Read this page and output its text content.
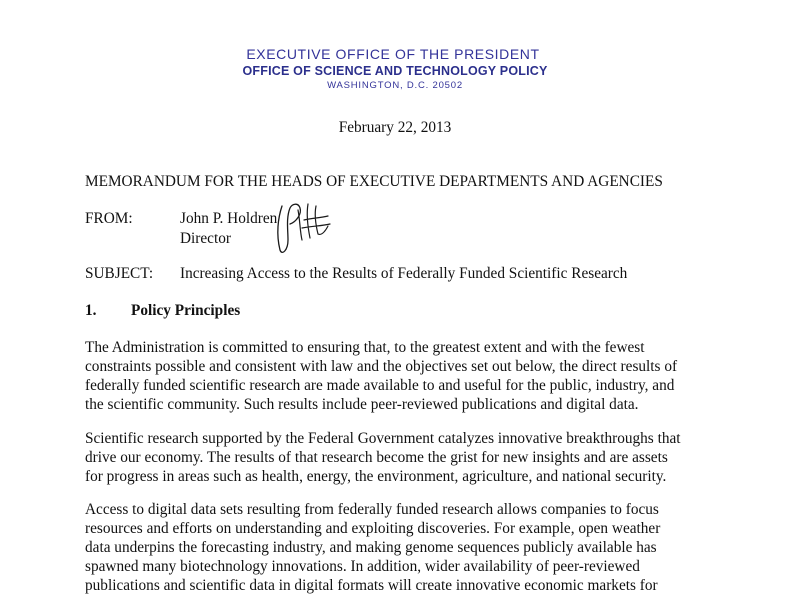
EXECUTIVE OFFICE OF THE PRESIDENT
OFFICE OF SCIENCE AND TECHNOLOGY POLICY
WASHINGTON, D.C. 20502
February 22, 2013
MEMORANDUM FOR THE HEADS OF EXECUTIVE DEPARTMENTS AND AGENCIES
FROM:	John P. Holdren
Director
SUBJECT: Increasing Access to the Results of Federally Funded Scientific Research
1. Policy Principles
The Administration is committed to ensuring that, to the greatest extent and with the fewest
constraints possible and consistent with law and the objectives set out below, the direct results of
federally funded scientific research are made available to and useful for the public, industry, and
the scientific community. Such results include peer-reviewed publications and digital data.
Scientific research supported by the Federal Government catalyzes innovative breakthroughs that
drive our economy. The results of that research become the grist for new insights and are assets
for progress in areas such as health, energy, the environment, agriculture, and national security.
Access to digital data sets resulting from federally funded research allows companies to focus
resources and efforts on understanding and exploiting discoveries. For example, open weather
data underpins the forecasting industry, and making genome sequences publicly available has
spawned many biotechnology innovations. In addition, wider availability of peer-reviewed
publications and scientific data in digital formats will create innovative economic markets for
